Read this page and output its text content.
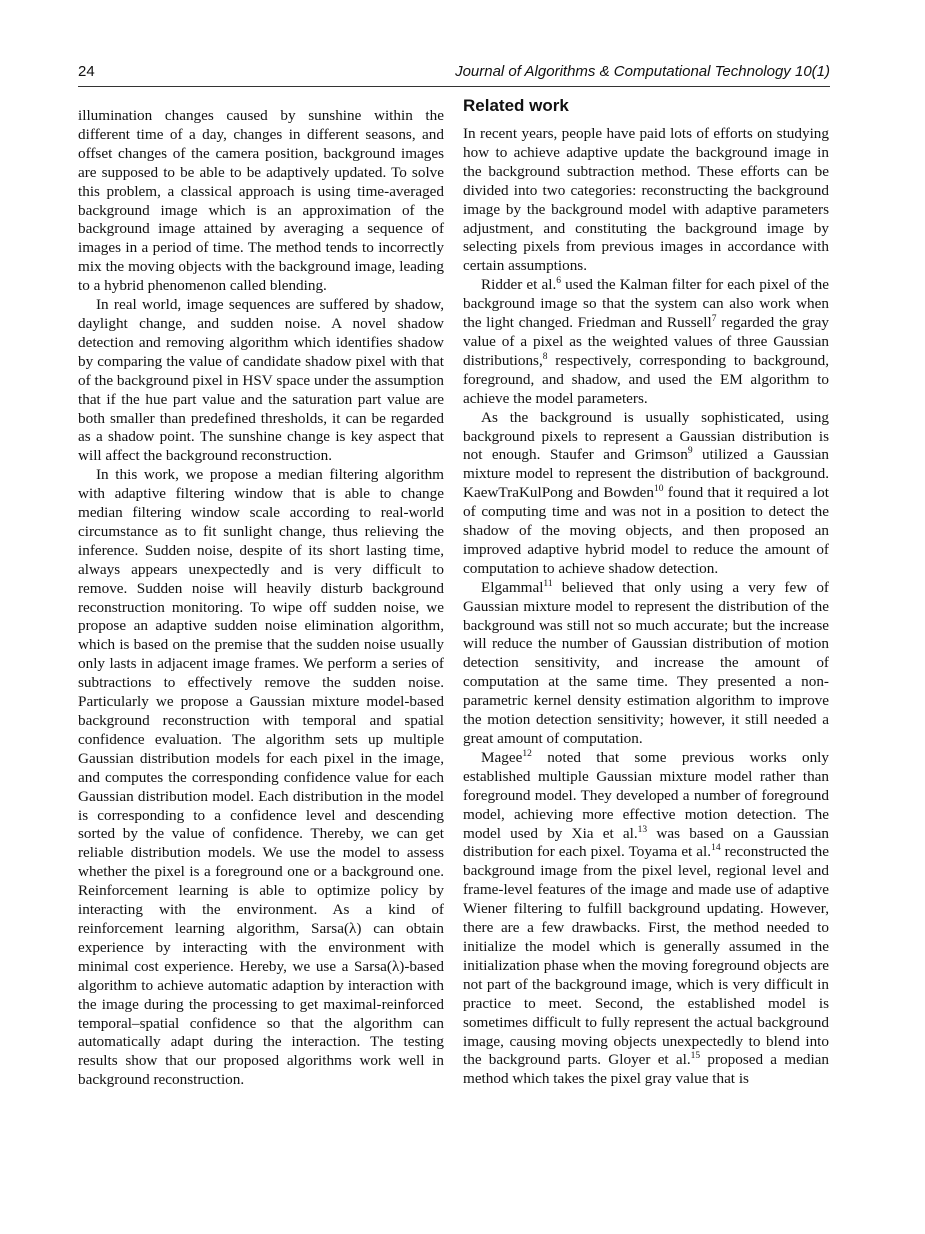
24	Journal of Algorithms & Computational Technology 10(1)

illumination changes caused by sunshine within the different time of a day, changes in different seasons, and offset changes of the camera position, background images are supposed to be able to be adaptively updated. To solve this problem, a classical approach is using time-averaged background image which is an approximation of the background image attained by averaging a sequence of images in a period of time. The method tends to incorrectly mix the moving objects with the background image, leading to a hybrid phenomenon called blending.

In real world, image sequences are suffered by shadow, daylight change, and sudden noise. A novel shadow detection and removing algorithm which identifies shadow by comparing the value of candidate shadow pixel with that of the background pixel in HSV space under the assumption that if the hue part value and the saturation part value are both smaller than predefined thresholds, it can be regarded as a shadow point. The sunshine change is key aspect that will affect the background reconstruction.

In this work, we propose a median filtering algorithm with adaptive filtering window that is able to change median filtering window scale according to real-world circumstance as to fit sunlight change, thus relieving the inference. Sudden noise, despite of its short lasting time, always appears unexpectedly and is very difficult to remove. Sudden noise will heavily disturb background reconstruction monitoring. To wipe off sudden noise, we propose an adaptive sudden noise elimination algorithm, which is based on the premise that the sudden noise usually only lasts in adjacent image frames. We perform a series of subtractions to effectively remove the sudden noise. Particularly we propose a Gaussian mixture model-based background reconstruction with temporal and spatial confidence evaluation. The algorithm sets up multiple Gaussian distribution models for each pixel in the image, and computes the corresponding confidence value for each Gaussian distribution model. Each distribution in the model is corresponding to a confidence level and descending sorted by the value of confidence. Thereby, we can get reliable distribution models. We use the model to assess whether the pixel is a foreground one or a background one. Reinforcement learning is able to optimize policy by interacting with the environment. As a kind of reinforcement learning algorithm, Sarsa(λ) can obtain experience by interacting with the environment with minimal cost experience. Hereby, we use a Sarsa(λ)-based algorithm to achieve automatic adaption by interaction with the image during the processing to get maximal-reinforced temporal–spatial confidence so that the algorithm can automatically adapt during the interaction. The testing results show that our proposed algorithms work well in background reconstruction.

Related work

In recent years, people have paid lots of efforts on studying how to achieve adaptive update the background image in the background subtraction method. These efforts can be divided into two categories: reconstructing the background image by the background model with adaptive parameters adjustment, and constituting the background image by selecting pixels from previous images in accordance with certain assumptions.

Ridder et al.$^6$ used the Kalman filter for each pixel of the background image so that the system can also work when the light changed. Friedman and Russell$^7$ regarded the gray value of a pixel as the weighted values of three Gaussian distributions,$^8$ respectively, corresponding to background, foreground, and shadow, and used the EM algorithm to achieve the model parameters.

As the background is usually sophisticated, using background pixels to represent a Gaussian distribution is not enough. Staufer and Grimson$^9$ utilized a Gaussian mixture model to represent the distribution of background. KaewTraKulPong and Bowden$^{10}$ found that it required a lot of computing time and was not in a position to detect the shadow of the moving objects, and then proposed an improved adaptive hybrid model to reduce the amount of computation to achieve shadow detection.

Elgammal$^{11}$ believed that only using a very few of Gaussian mixture model to represent the distribution of the background was still not so much accurate; but the increase will reduce the number of Gaussian distribution of motion detection sensitivity, and increase the amount of computation at the same time. They presented a non-parametric kernel density estimation algorithm to improve the motion detection sensitivity; however, it still needed a great amount of computation.

Magee$^{12}$ noted that some previous works only established multiple Gaussian mixture model rather than foreground model. They developed a number of foreground model, achieving more effective motion detection. The model used by Xia et al.$^{13}$ was based on a Gaussian distribution for each pixel. Toyama et al.$^{14}$ reconstructed the background image from the pixel level, regional level and frame-level features of the image and made use of adaptive Wiener filtering to fulfill background updating. However, there are a few drawbacks. First, the method needed to initialize the model which is generally assumed in the initialization phase when the moving foreground objects are not part of the background image, which is very difficult in practice to meet. Second, the established model is sometimes difficult to fully represent the actual background image, causing moving objects unexpectedly to blend into the background parts. Gloyer et al.$^{15}$ proposed a median method which takes the pixel gray value that is
